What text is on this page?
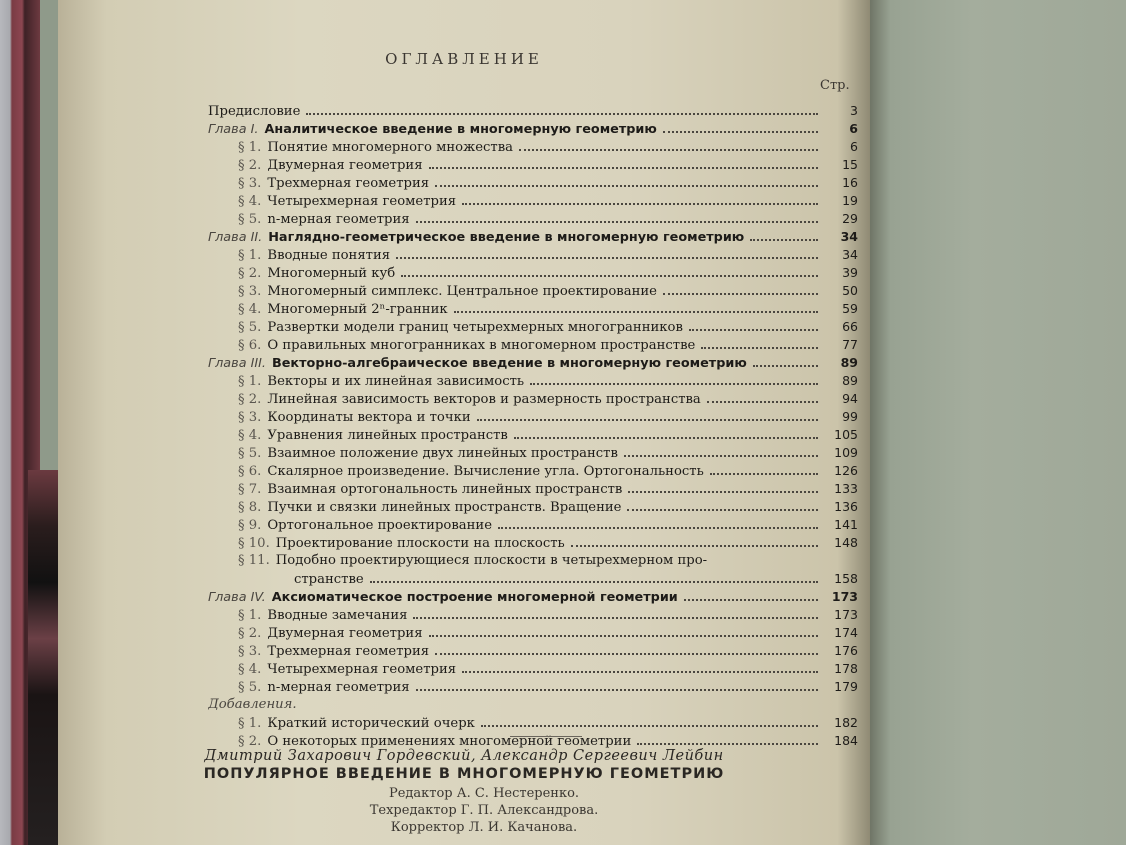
ОГЛАВЛЕНИЕ
Стр.
Предисловие	3
Глава I. Аналитическое введение в многомерную геометрию	6
§ 1. Понятие многомерного множества	6
§ 2. Двумерная геометрия	15
§ 3. Трехмерная геометрия	16
§ 4. Четырехмерная геометрия	19
§ 5. n-мерная геометрия	29
Глава II. Наглядно-геометрическое введение в многомерную геометрию	34
§ 1. Вводные понятия	34
§ 2. Многомерный куб	39
§ 3. Многомерный симплекс. Центральное проектирование	50
§ 4. Многомерный 2ⁿ-гранник	59
§ 5. Развертки модели границ четырехмерных многогранников	66
§ 6. О правильных многогранниках в многомерном пространстве	77
Глава III. Векторно-алгебраическое введение в многомерную геометрию	89
§ 1. Векторы и их линейная зависимость	89
§ 2. Линейная зависимость векторов и размерность пространства	94
§ 3. Координаты вектора и точки	99
§ 4. Уравнения линейных пространств	105
§ 5. Взаимное положение двух линейных пространств	109
§ 6. Скалярное произведение. Вычисление угла. Ортогональность	126
§ 7. Взаимная ортогональность линейных пространств	133
§ 8. Пучки и связки линейных пространств. Вращение	136
§ 9. Ортогональное проектирование	141
§ 10. Проектирование плоскости на плоскость	148
§ 11. Подобно проектирующиеся плоскости в четырехмерном про-
странстве	158
Глава IV. Аксиоматическое построение многомерной геометрии	173
§ 1. Вводные замечания	173
§ 2. Двумерная геометрия	174
§ 3. Трехмерная геометрия	176
§ 4. Четырехмерная геометрия	178
§ 5. n-мерная геометрия	179
Добавления.
§ 1. Краткий исторический очерк	182
§ 2. О некоторых применениях многомерной геометрии	184
Дмитрий Захарович Гордевский, Александр Сергеевич Лейбин
ПОПУЛЯРНОЕ ВВЕДЕНИЕ В МНОГОМЕРНУЮ ГЕОМЕТРИЮ
Редактор А. С. Нестеренко.
Техредактор Г. П. Александрова.
Корректор Л. И. Качанова.
